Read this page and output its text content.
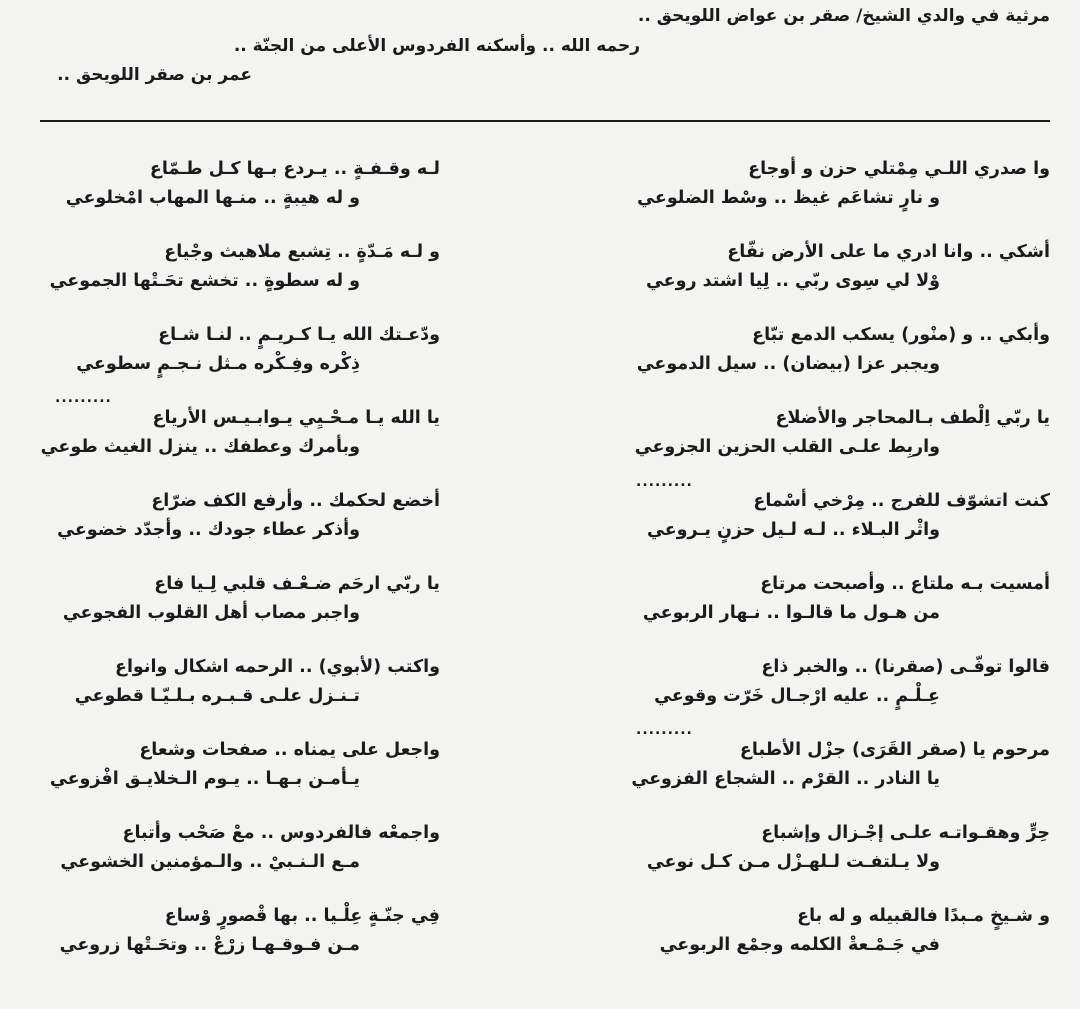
مرثية في والدي الشيخ/ صقر بن عواض اللويحق ..
رحمه الله .. وأسكنه الفردوس الأعلى من الجنّة ..
عمر بن صقر اللويحق ..
وا صدري اللـي مِمْتلي حزن و أوجاع
و نارٍ تشاعَم غيظ .. وسْط الضلوعي
أشكي .. وانا ادري ما على الأرض نفّاع
وْلا لي سِوى ربّي .. لِيا اشتد روعي
وأبكي .. و (منْور) يسكب الدمع تبّاع
ويجبر عزا (بيضان) .. سيل الدموعي
يا ربّي اِلْطف بـالمحاجر والأضلاع
واربِط علـى القلب الحزين الجزوعي
كنت اتشوّف للفرج .. مِرْخي أسْماع
واثْر البـلاء .. لـه لـيل حزنٍ يـروعي
أمسيت بـه ملتاع .. وأصبحت مرتاع
من هـول ما قالـوا .. نـهار الربوعي
قالوا توفّـى (صقرنا) .. والخبر ذاع
عِـلْـمٍ .. عليه ارْجـال خَرّت وقوعي
مرحوم يا (صقر القَرَى) جزْل الأطباع
يا النادر .. القرْم .. الشجاع الفزوعي
حِرٍّ وهقـواتـه علـى إجْـزال وإشباع
ولا يـلتفـت لـلهـزْل مـن كـل نوعي
و شـيخٍ مـبدًا فالقبيله و له باع
في جَـمْـعةْ الكلمه وجمْع الربوعي
لـه وقـفـةٍ .. يـردع بـها كـل طـمّاع
و له هيبةٍ .. منـها المهاب امْخلوعي
و لـه مَـدّةٍ .. تِشبع ملاهيث وجْياع
و له سطوةٍ .. تخشع تحَـتْها الجموعي
ودّعـتك الله يـا كـريـمٍ .. لنـا شـاع
ذِكْره وفِـكْره مـثل نـجـمٍ سطوعي
يا الله يـا مـحْـيِي يـوابـيـس الأرياع
وبأمرك وعطفك .. ينزل الغيث طوعي
أخضع لحكمك .. وأرفع الكف ضرّاع
وأذكر عطاء جودك .. وأجدّد خضوعي
يا ربّي ارحَم ضـعْـف قلبي لِـيا فاع
واجبر مصاب أهل القلوب الفجوعي
واكتب (لأبوي) .. الرحمه اشكال وانواع
تـنـزل علـى قـبـره بـلـيّـا قطوعي
واجعل على يمناه .. صفحات وشعاع
يـأمـن بـهـا .. يـوم الـخلايـق افْزوعي
واجمعْه فالفردوس .. معْ صَحْب وأتباع
مـع الـنـبيْ .. والـمؤمنين الخشوعي
فِي جنّـةٍ عِلْـيا .. بها قْصورٍ وْساع
مـن فـوقـهـا زرْعْ .. وتحَـتْها زروعي
.........
.........
.........
